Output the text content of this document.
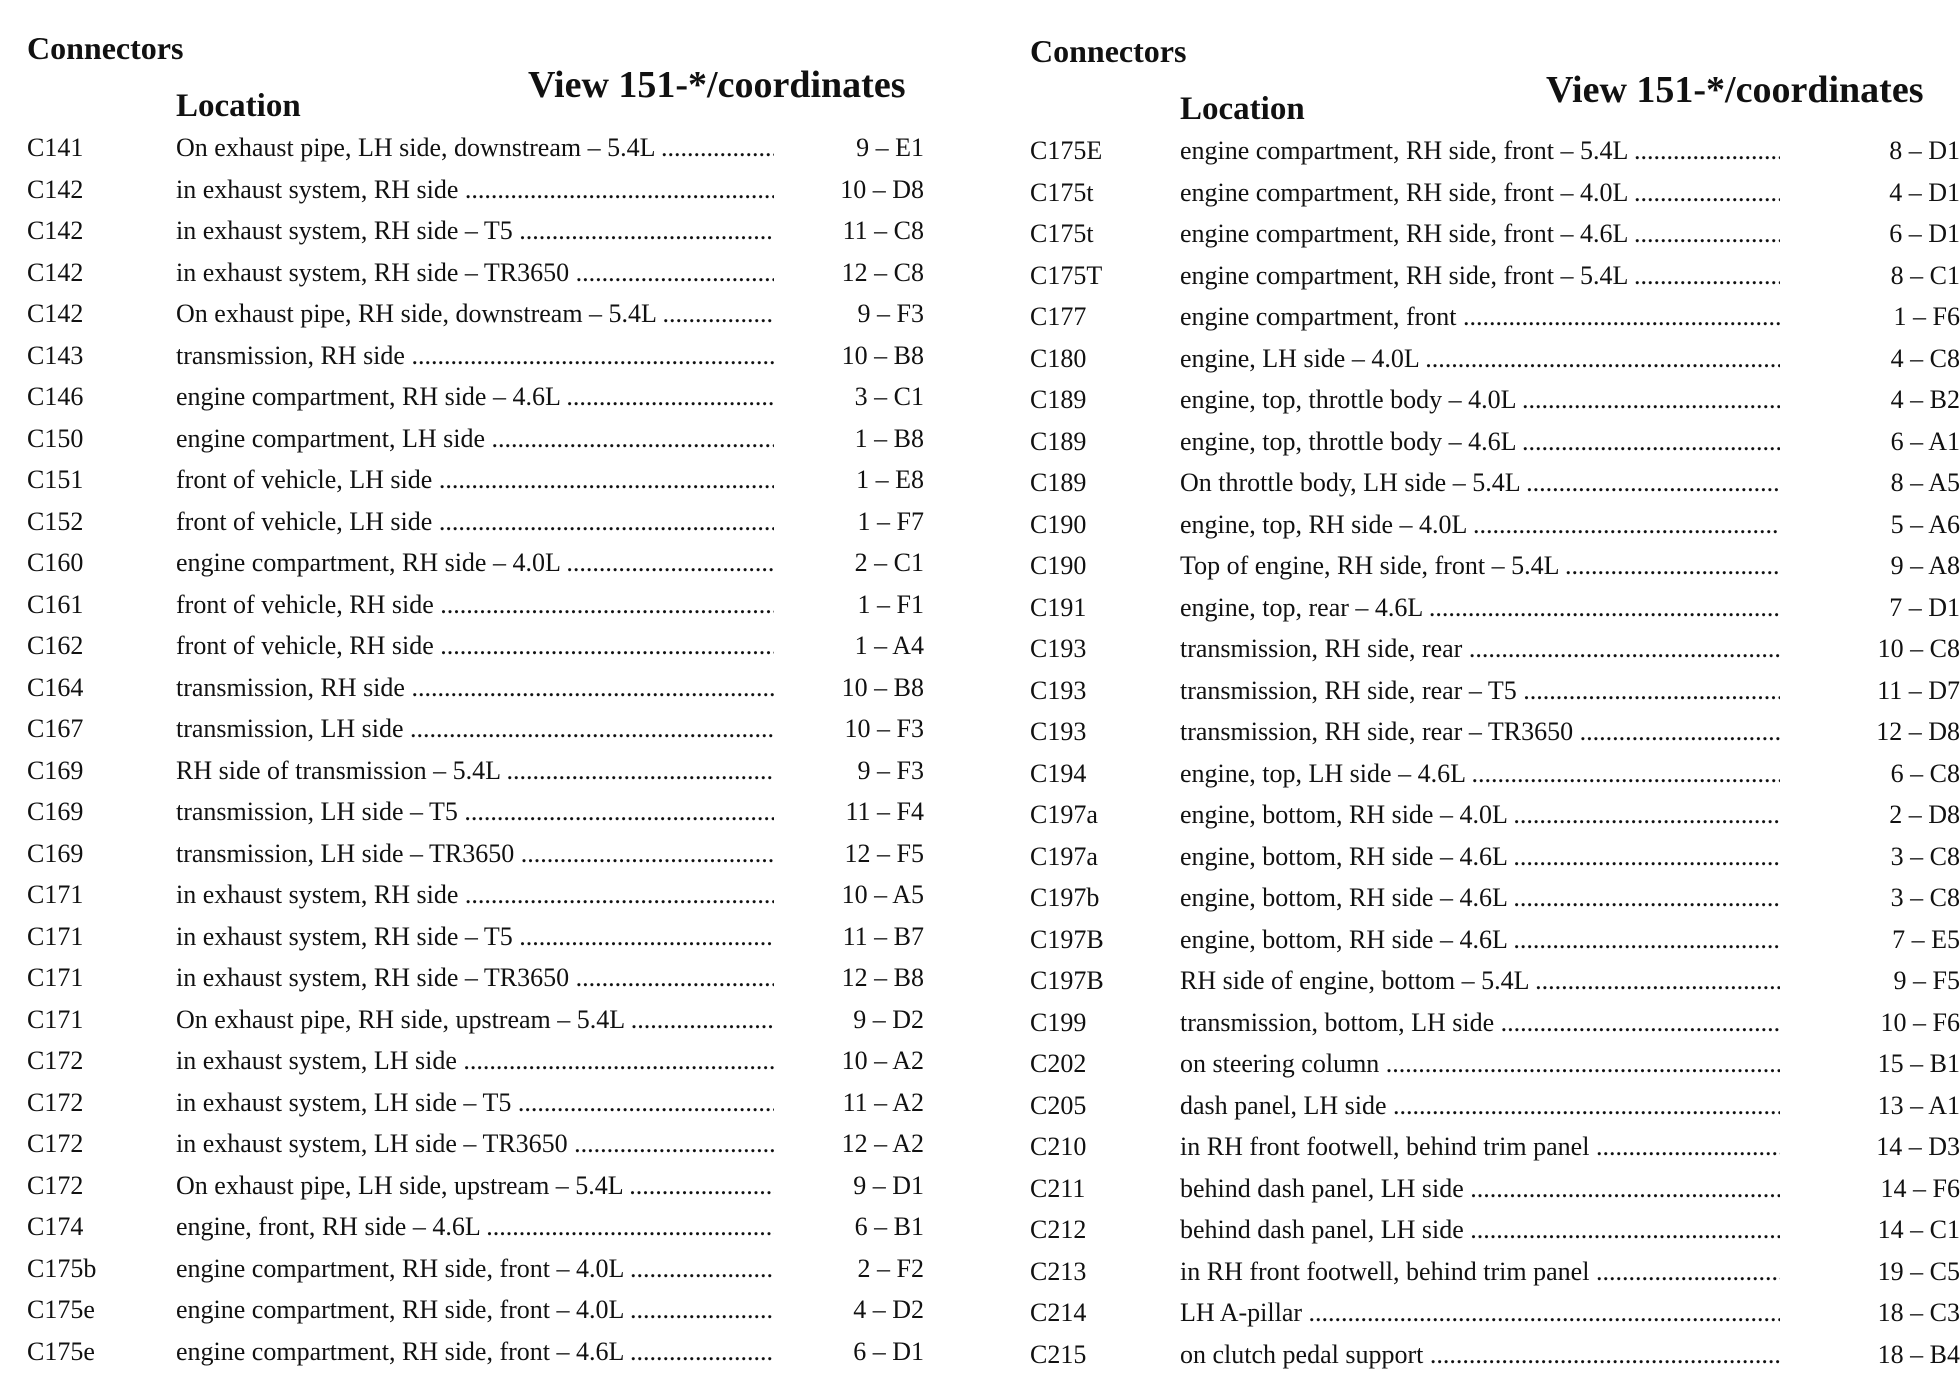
Connectors
Location	View 151-*/coordinates
C141	On exhaust pipe, LH side, downstream – 5.4L .....	9 – E1
C142	in exhaust system, RH side .....	10 – D8
C142	in exhaust system, RH side – T5 .....	11 – C8
C142	in exhaust system, RH side – TR3650 .....	12 – C8
C142	On exhaust pipe, RH side, downstream – 5.4L .....	9 – F3
C143	transmission, RH side .....	10 – B8
C146	engine compartment, RH side – 4.6L .....	3 – C1
C150	engine compartment, LH side .....	1 – B8
C151	front of vehicle, LH side .....	1 – E8
C152	front of vehicle, LH side .....	1 – F7
C160	engine compartment, RH side – 4.0L .....	2 – C1
C161	front of vehicle, RH side .....	1 – F1
C162	front of vehicle, RH side .....	1 – A4
C164	transmission, RH side .....	10 – B8
C167	transmission, LH side .....	10 – F3
C169	RH side of transmission – 5.4L .....	9 – F3
C169	transmission, LH side – T5 .....	11 – F4
C169	transmission, LH side – TR3650 .....	12 – F5
C171	in exhaust system, RH side .....	10 – A5
C171	in exhaust system, RH side – T5 .....	11 – B7
C171	in exhaust system, RH side – TR3650 .....	12 – B8
C171	On exhaust pipe, RH side, upstream – 5.4L .....	9 – D2
C172	in exhaust system, LH side .....	10 – A2
C172	in exhaust system, LH side – T5 .....	11 – A2
C172	in exhaust system, LH side – TR3650 .....	12 – A2
C172	On exhaust pipe, LH side, upstream – 5.4L .....	9 – D1
C174	engine, front, RH side – 4.6L .....	6 – B1
C175b	engine compartment, RH side, front – 4.0L .....	2 – F2
C175e	engine compartment, RH side, front – 4.0L .....	4 – D2
C175e	engine compartment, RH side, front – 4.6L .....	6 – D1
Connectors
Location	View 151-*/coordinates
C175E	engine compartment, RH side, front – 5.4L .....	8 – D1
C175t	engine compartment, RH side, front – 4.0L .....	4 – D1
C175t	engine compartment, RH side, front – 4.6L .....	6 – D1
C175T	engine compartment, RH side, front – 5.4L .....	8 – C1
C177	engine compartment, front .....	1 – F6
C180	engine, LH side – 4.0L .....	4 – C8
C189	engine, top, throttle body – 4.0L .....	4 – B2
C189	engine, top, throttle body – 4.6L .....	6 – A1
C189	On throttle body, LH side – 5.4L .....	8 – A5
C190	engine, top, RH side – 4.0L .....	5 – A6
C190	Top of engine, RH side, front – 5.4L .....	9 – A8
C191	engine, top, rear – 4.6L .....	7 – D1
C193	transmission, RH side, rear .....	10 – C8
C193	transmission, RH side, rear – T5 .....	11 – D7
C193	transmission, RH side, rear – TR3650 .....	12 – D8
C194	engine, top, LH side – 4.6L .....	6 – C8
C197a	engine, bottom, RH side – 4.0L .....	2 – D8
C197a	engine, bottom, RH side – 4.6L .....	3 – C8
C197b	engine, bottom, RH side – 4.6L .....	3 – C8
C197B	engine, bottom, RH side – 4.6L .....	7 – E5
C197B	RH side of engine, bottom – 5.4L .....	9 – F5
C199	transmission, bottom, LH side .....	10 – F6
C202	on steering column .....	15 – B1
C205	dash panel, LH side .....	13 – A1
C210	in RH front footwell, behind trim panel .....	14 – D3
C211	behind dash panel, LH side .....	14 – F6
C212	behind dash panel, LH side .....	14 – C1
C213	in RH front footwell, behind trim panel .....	19 – C5
C214	LH A-pillar .....	18 – C3
C215	on clutch pedal support .....	18 – B4
